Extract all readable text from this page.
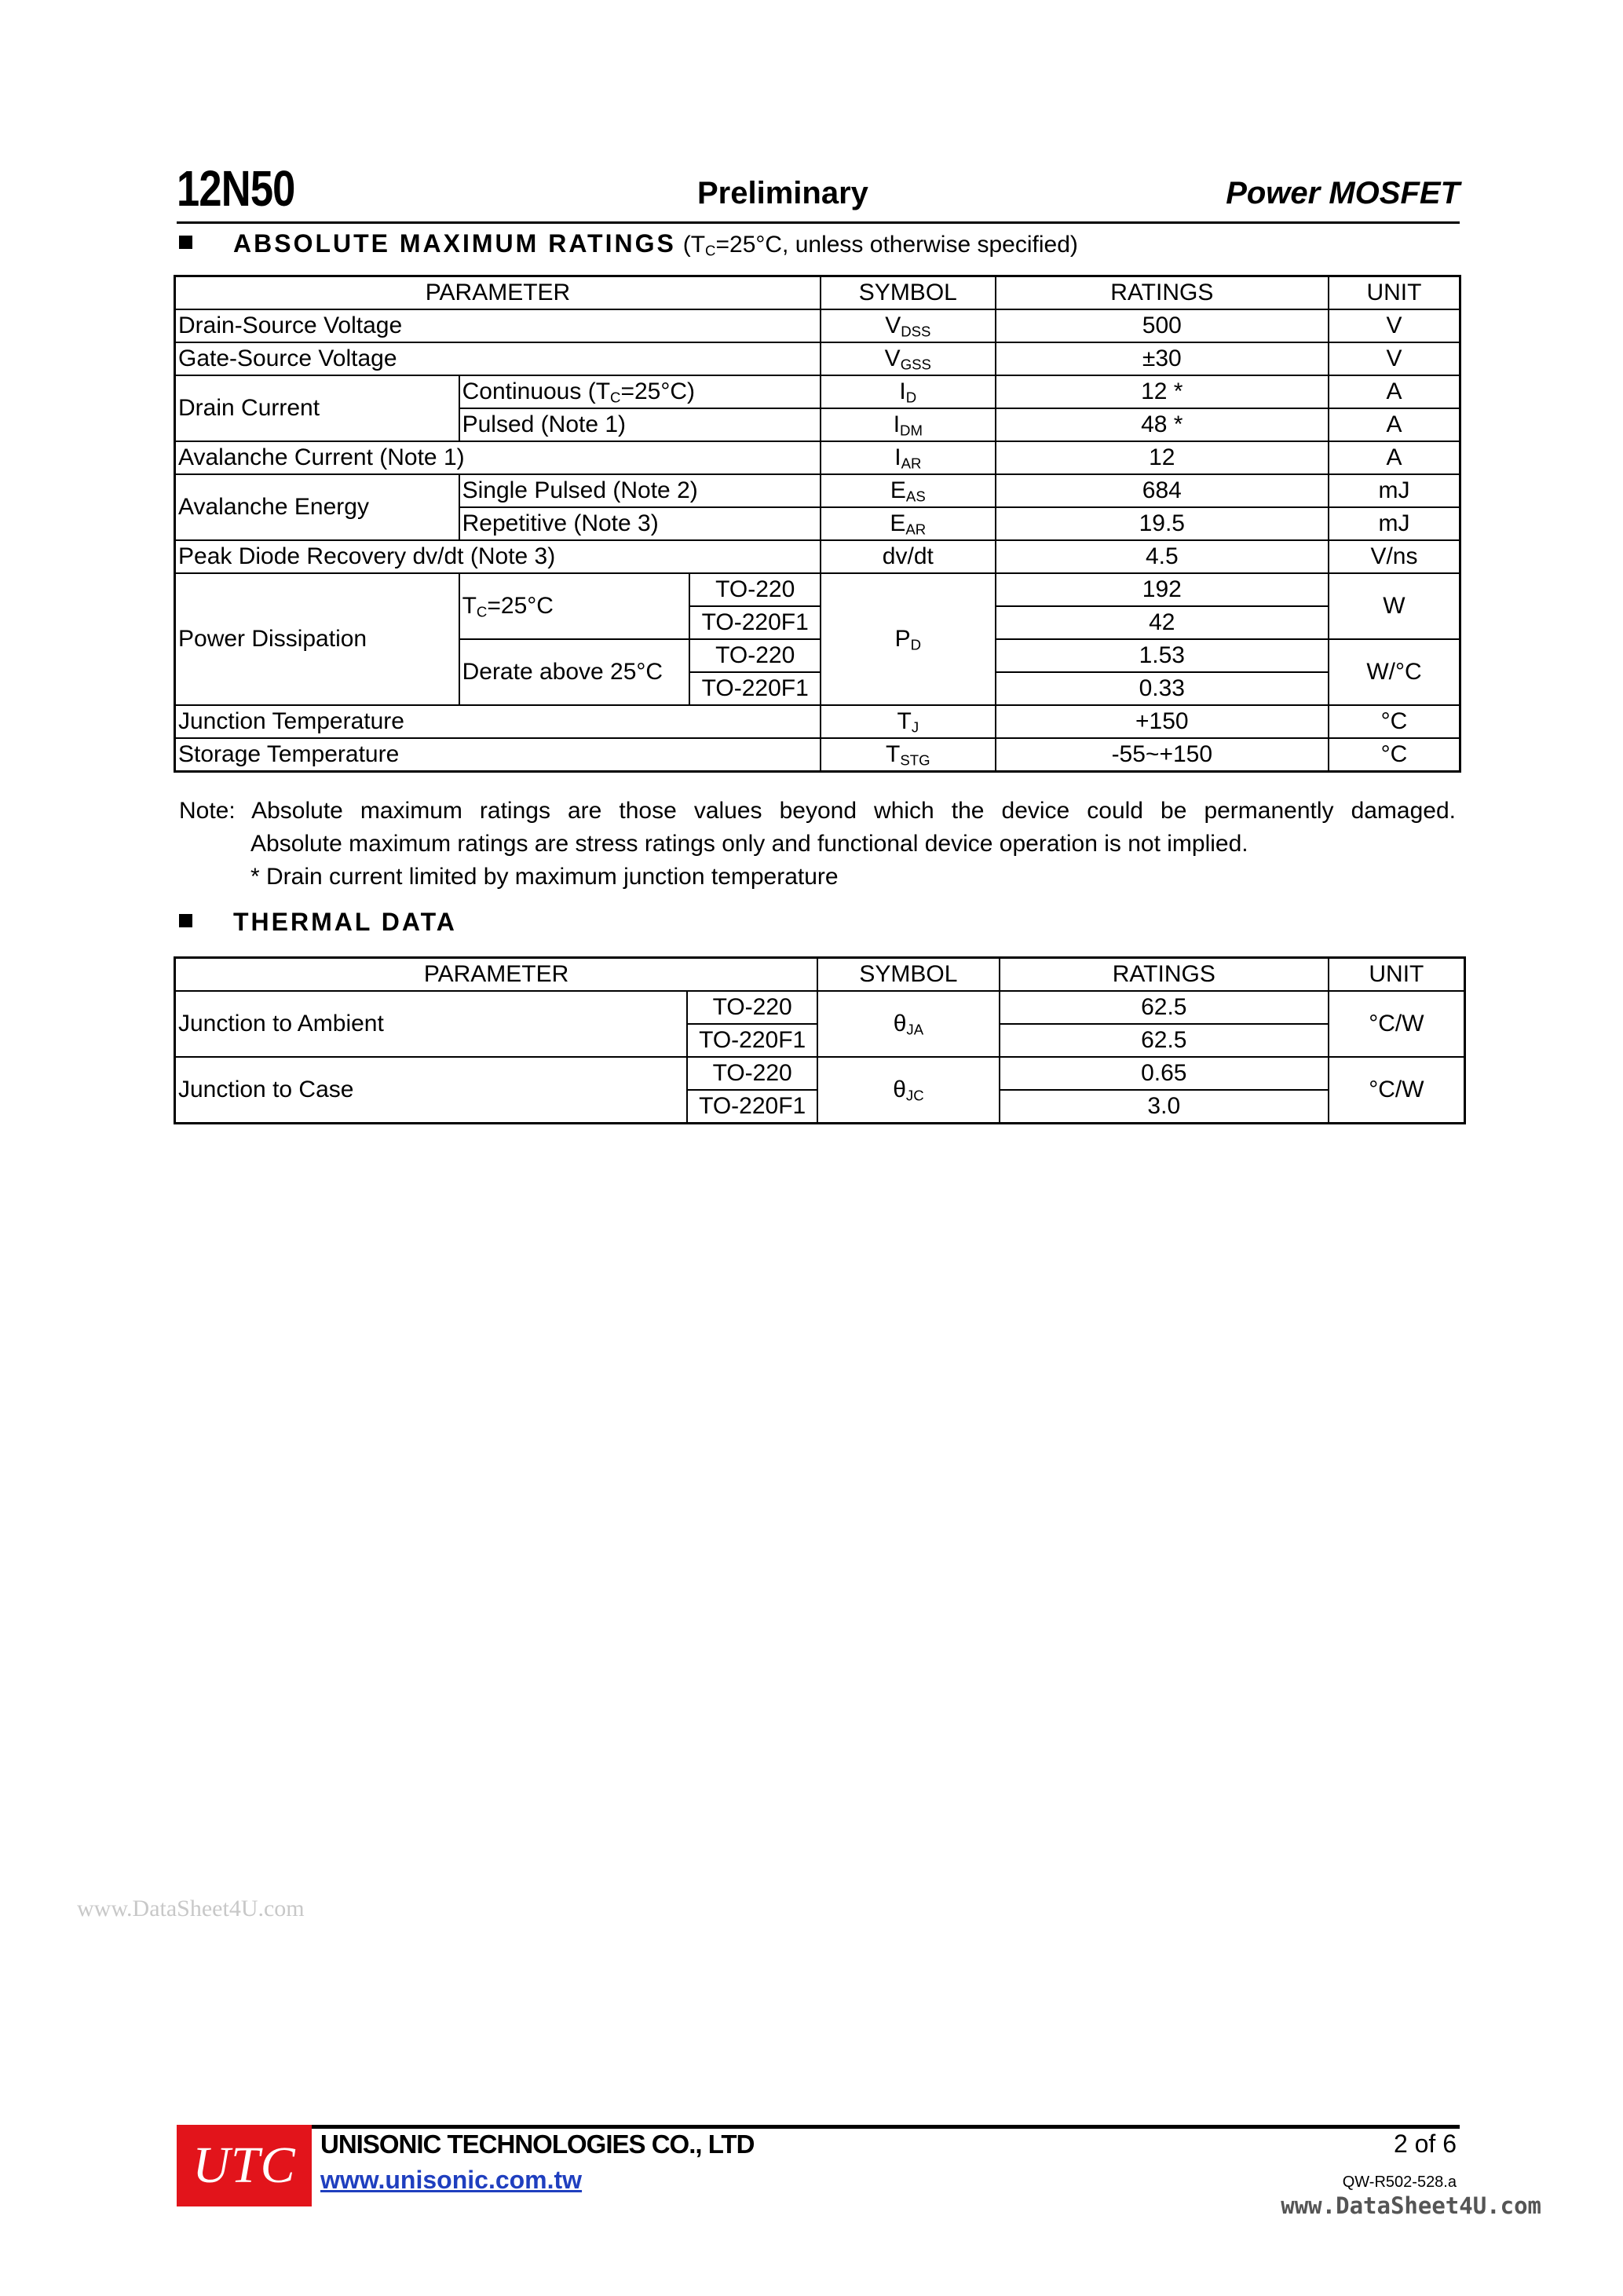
12N50	Preliminary	Power MOSFET
ABSOLUTE MAXIMUM RATINGS ($T_C=25^\circ C$, unless otherwise specified)
PARAMETER			SYMBOL	RATINGS	UNIT
Drain-Source Voltage			$V_{DSS}$	500	V
Gate-Source Voltage			$V_{GSS}$	±30	V
Drain Current	Continuous $(T_C=25^\circ C)$		$I_D$	12 *	A
	Pulsed (Note 1)		$I_{DM}$	48 *	A
Avalanche Current (Note 1)			$I_{AR}$	12	A
Avalanche Energy	Single Pulsed (Note 2)		$E_{AS}$	684	mJ
	Repetitive (Note 3)		$E_{AR}$	19.5	mJ
Peak Diode Recovery dv/dt (Note 3)			dv/dt	4.5	V/ns
Power Dissipation	$T_C=25^\circ C$	TO-220	$P_D$	192	W
		TO-220F1		42	
	Derate above 25°C	TO-220		1.53	W/°C
		TO-220F1		0.33	
Junction Temperature			$T_J$	+150	°C
Storage Temperature			$T_{STG}$	-55~+150	°C
Note: Absolute maximum ratings are those values beyond which the device could be permanently damaged.
Absolute maximum ratings are stress ratings only and functional device operation is not implied.
* Drain current limited by maximum junction temperature
THERMAL DATA
PARAMETER		SYMBOL	RATINGS	UNIT
Junction to Ambient	TO-220	$\theta_{JA}$	62.5	°C/W
	TO-220F1		62.5	
Junction to Case	TO-220	$\theta_{JC}$	0.65	°C/W
	TO-220F1		3.0	
www.DataSheet4U.com
UTC UNISONIC TECHNOLOGIES CO., LTD
www.unisonic.com.tw
2 of 6
QW-R502-528.a
www.DataSheet4U.com
